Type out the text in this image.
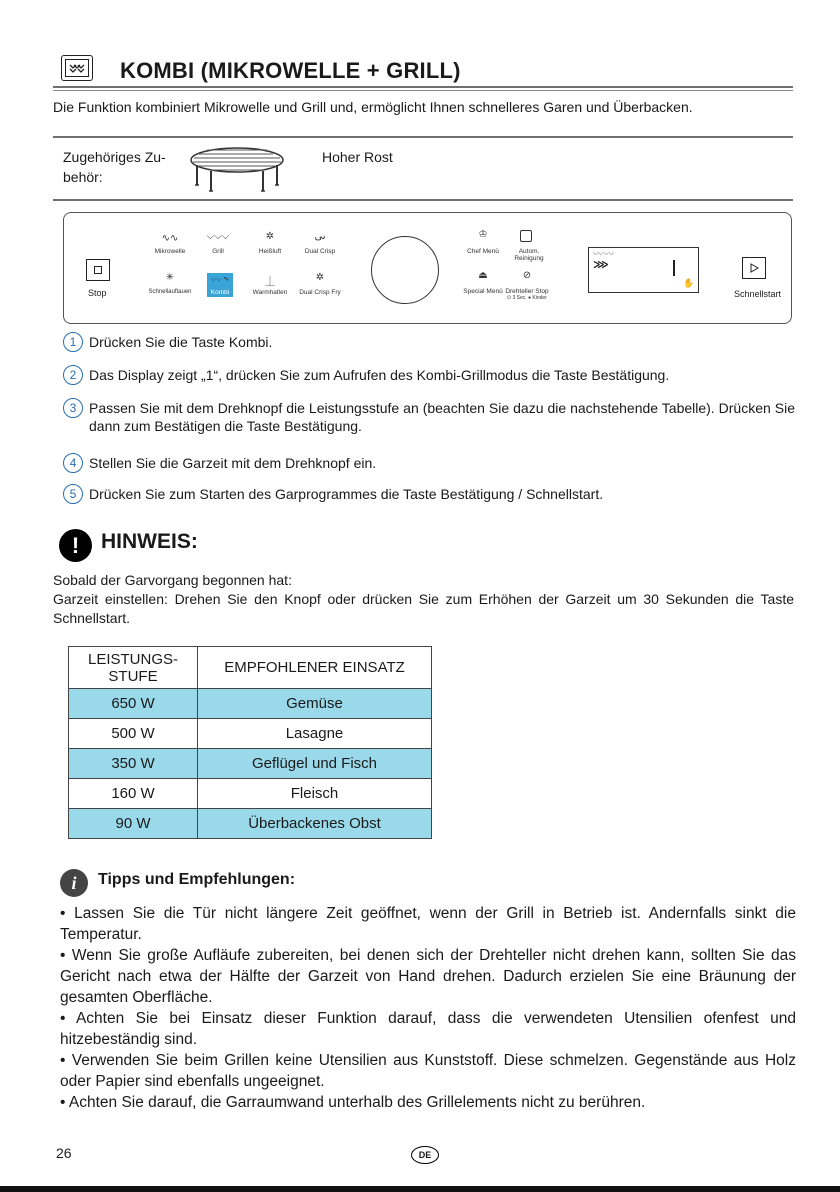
KOMBI (MIKROWELLE + GRILL)
Die Funktion kombiniert Mikrowelle und Grill und, ermöglicht Ihnen schnelleres Garen und Überbacken.
Zugehöriges Zu-
behör:
Hoher Rost
Stop
∿∿
Mikrowelle
⌵⌵⌵
Grill
✲
Heißluft
ىى
Dual Crisp
✳
Schnellauftauen
⌵⌵ ∿
Kombi
⏊
Warmhalten
✲
Dual Crisp Fry
♔
Chef Menü	Autom. Reinigung
⏏
Special Menü
⊘
Drehteller Stop
⏻ 3 Sec. ● Kinder
⌵⌵⌵⌵
⋙
✋
Schnellstart
1 Drücken Sie die Taste Kombi.
2 Das Display zeigt „1“, drücken Sie zum Aufrufen des Kombi-Grillmodus die Taste Bestätigung.
3 Passen Sie mit dem Drehknopf die Leistungsstufe an (beachten Sie dazu die nachstehende Tabelle). Drücken Sie dann zum Bestätigen die Taste Bestätigung.
4 Stellen Sie die Garzeit mit dem Drehknopf ein.
5 Drücken Sie zum Starten des Garprogrammes die Taste Bestätigung / Schnellstart.
!	HINWEIS:
Sobald der Garvorgang begonnen hat:
Garzeit einstellen: Drehen Sie den Knopf oder drücken Sie zum Erhöhen der Garzeit um 30 Sekunden die Taste Schnellstart.
LEISTUNGS-
STUFE	EMPFOHLENER EINSATZ
650 W	Gemüse
500 W	Lasagne
350 W	Geflügel und Fisch
160 W	Fleisch
90 W	Überbackenes Obst
i	Tipps und Empfehlungen:

• Lassen Sie die Tür nicht längere Zeit geöffnet, wenn der Grill in Betrieb ist. Andernfalls sinkt die Temperatur.

• Wenn Sie große Aufläufe zubereiten, bei denen sich der Drehteller nicht drehen kann, sollten Sie das Gericht nach etwa der Hälfte der Garzeit von Hand drehen. Dadurch erzielen Sie eine Bräunung der gesamten Oberfläche.

• Achten Sie bei Einsatz dieser Funktion darauf, dass die verwendeten Utensilien ofenfest und hitzebeständig sind.

• Verwenden Sie beim Grillen keine Utensilien aus Kunststoff. Diese schmelzen. Gegenstände aus Holz oder Papier sind ebenfalls ungeeignet.

• Achten Sie darauf, die Garraumwand unterhalb des Grillelements nicht zu berühren.

26	DE
